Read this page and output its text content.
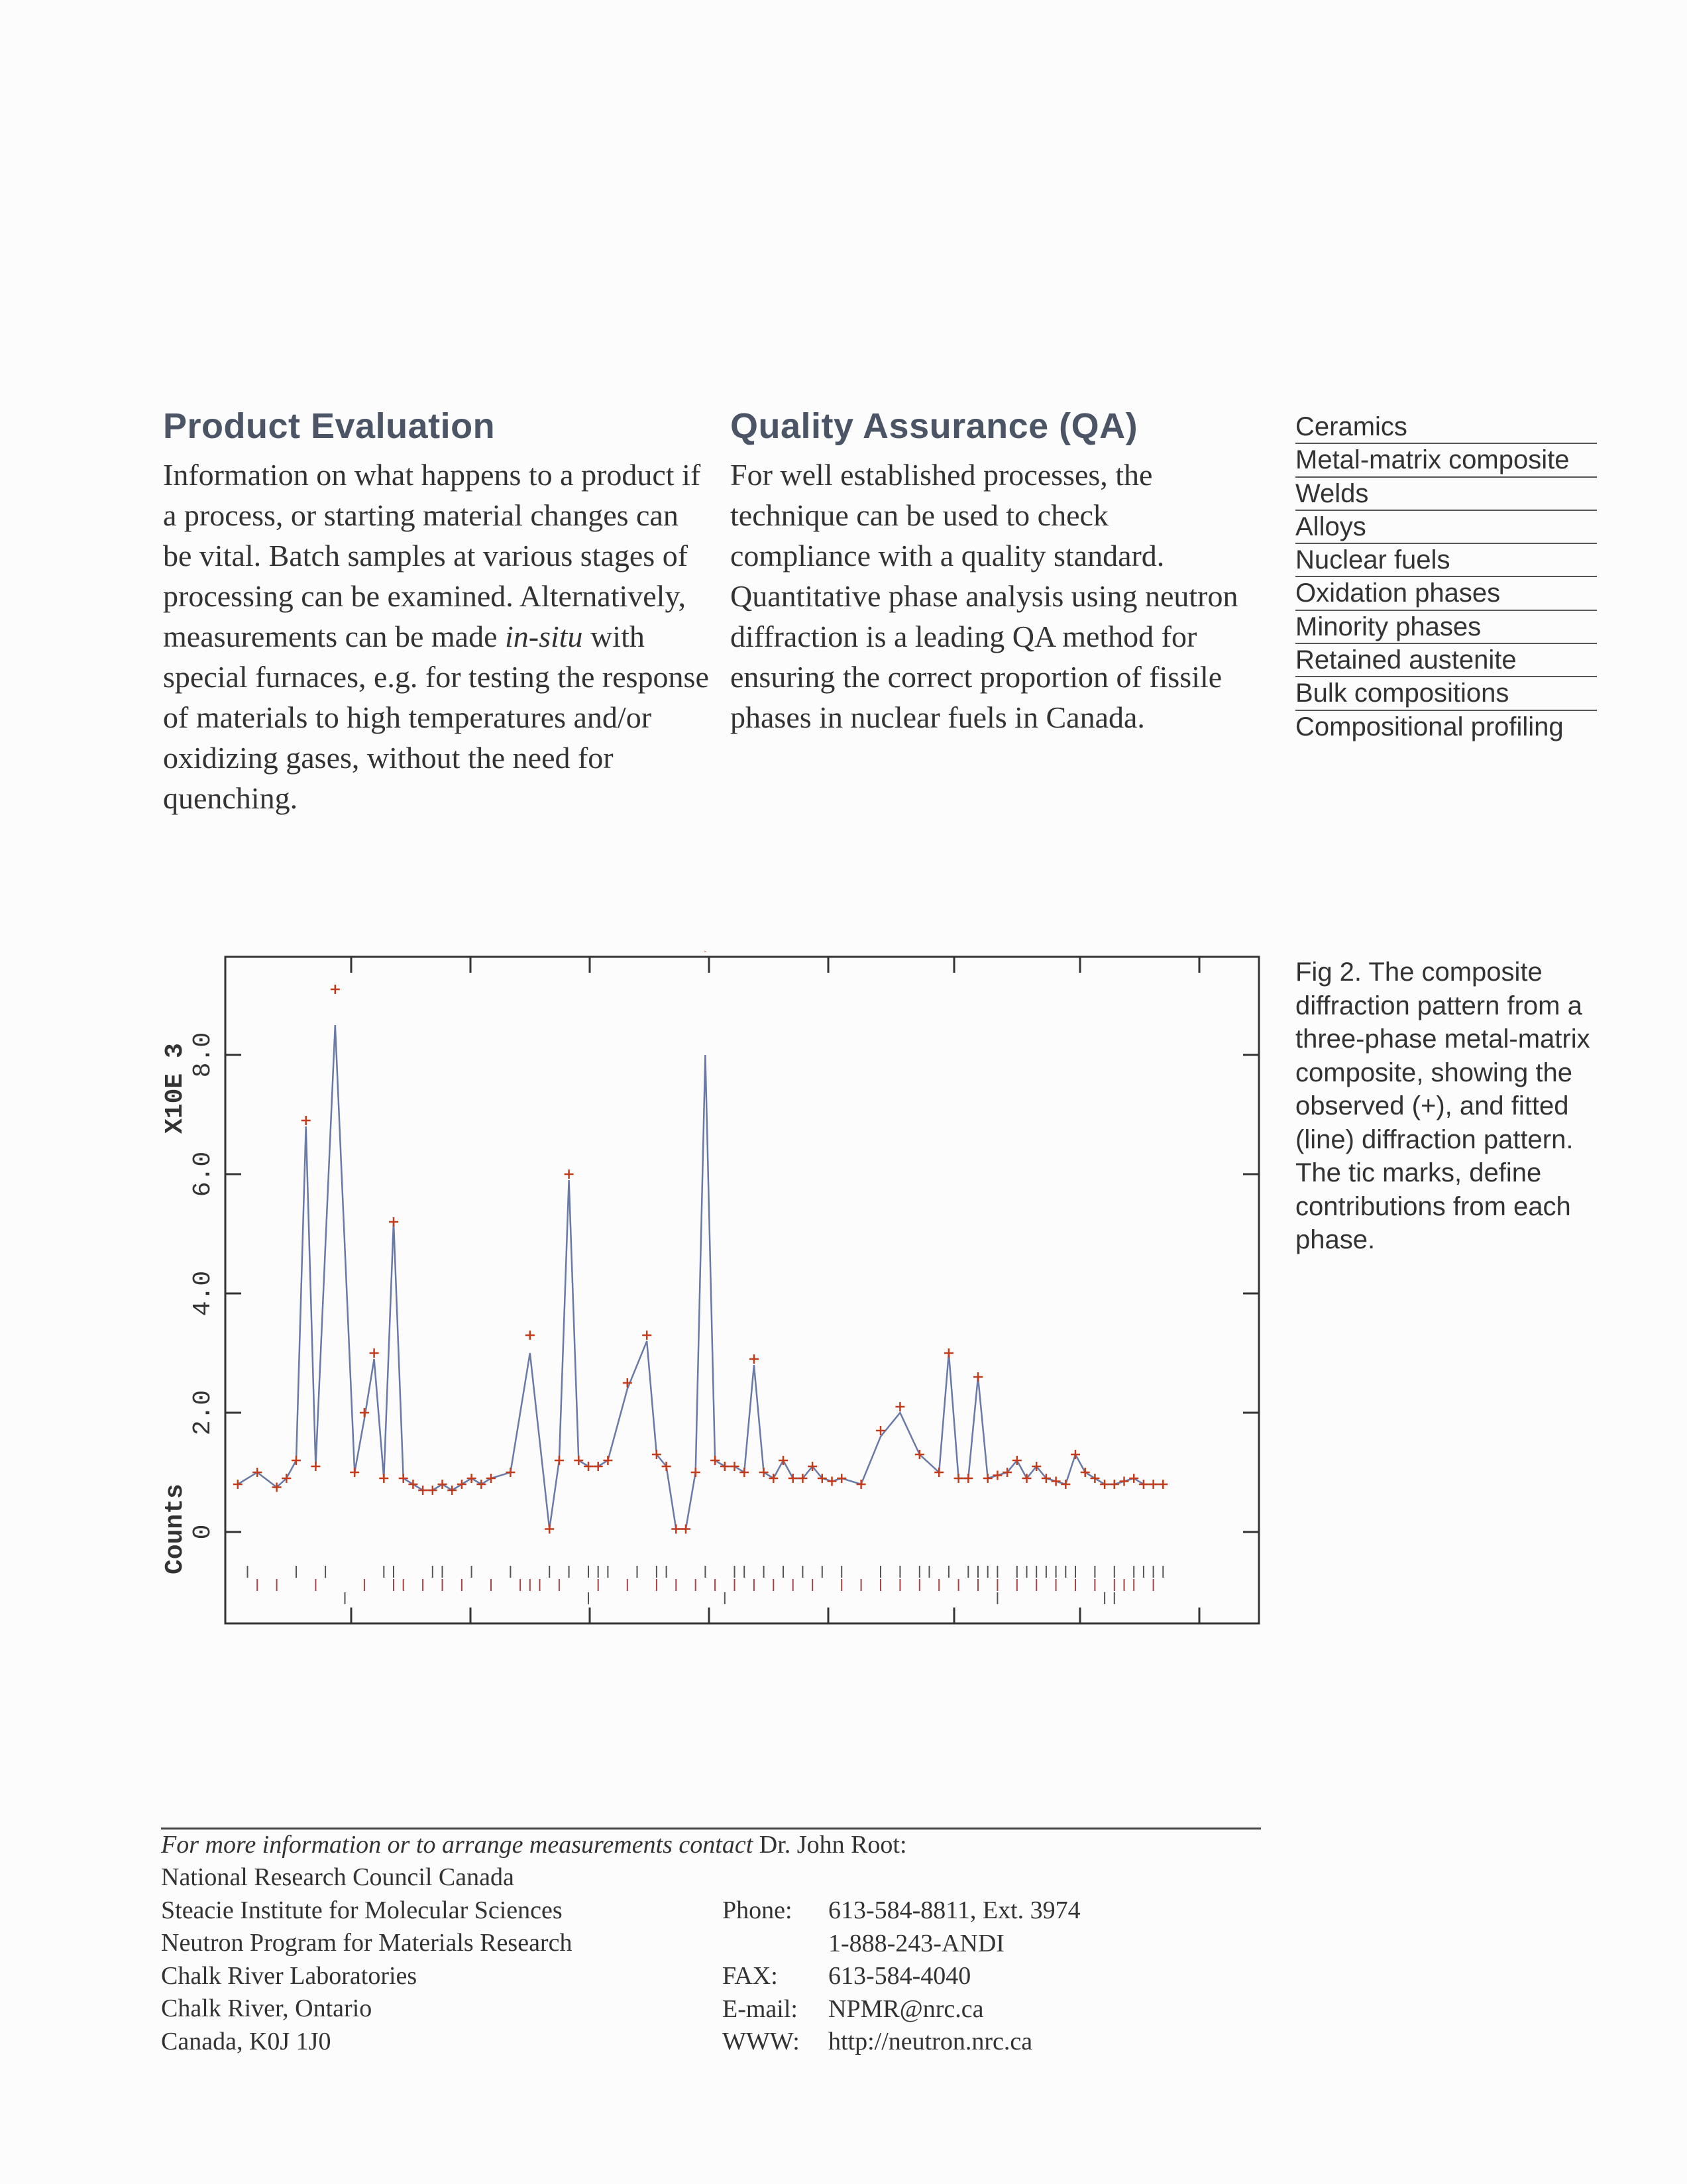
Product Evaluation

Information on what happens to a product if a process, or starting material changes can be vital. Batch samples at various stages of processing can be examined. Alternatively, measurements can be made in-situ with special furnaces, e.g. for testing the response of materials to high temperatures and/or oxidizing gases, without the need for quenching.

Quality Assurance (QA)

For well established processes, the technique can be used to check compliance with a quality standard. Quantitative phase analysis using neutron diffraction is a leading QA method for ensuring the correct proportion of fissile phases in nuclear fuels in Canada.

Ceramics
Metal-matrix composite
Welds
Alloys
Nuclear fuels
Oxidation phases
Minority phases
Retained austenite
Bulk compositions
Compositional profiling
Counts
X10E 3
0
2.0
4.0
6.0
8.0

Fig 2. The composite diffraction pattern from a three-phase metal-matrix composite, showing the observed (+), and fitted (line) diffraction pattern. The tic marks, define contributions from each phase.

For more information or to arrange measurements contact Dr. John Root:
National Research Council Canada
Steacie Institute for Molecular Sciences
Neutron Program for Materials Research
Chalk River Laboratories
Chalk River, Ontario
Canada, K0J 1J0
Phone: 613-584-8811, Ext. 3974
1-888-243-ANDI
FAX: 613-584-4040
E-mail: NPMR@nrc.ca
WWW: http://neutron.nrc.ca
